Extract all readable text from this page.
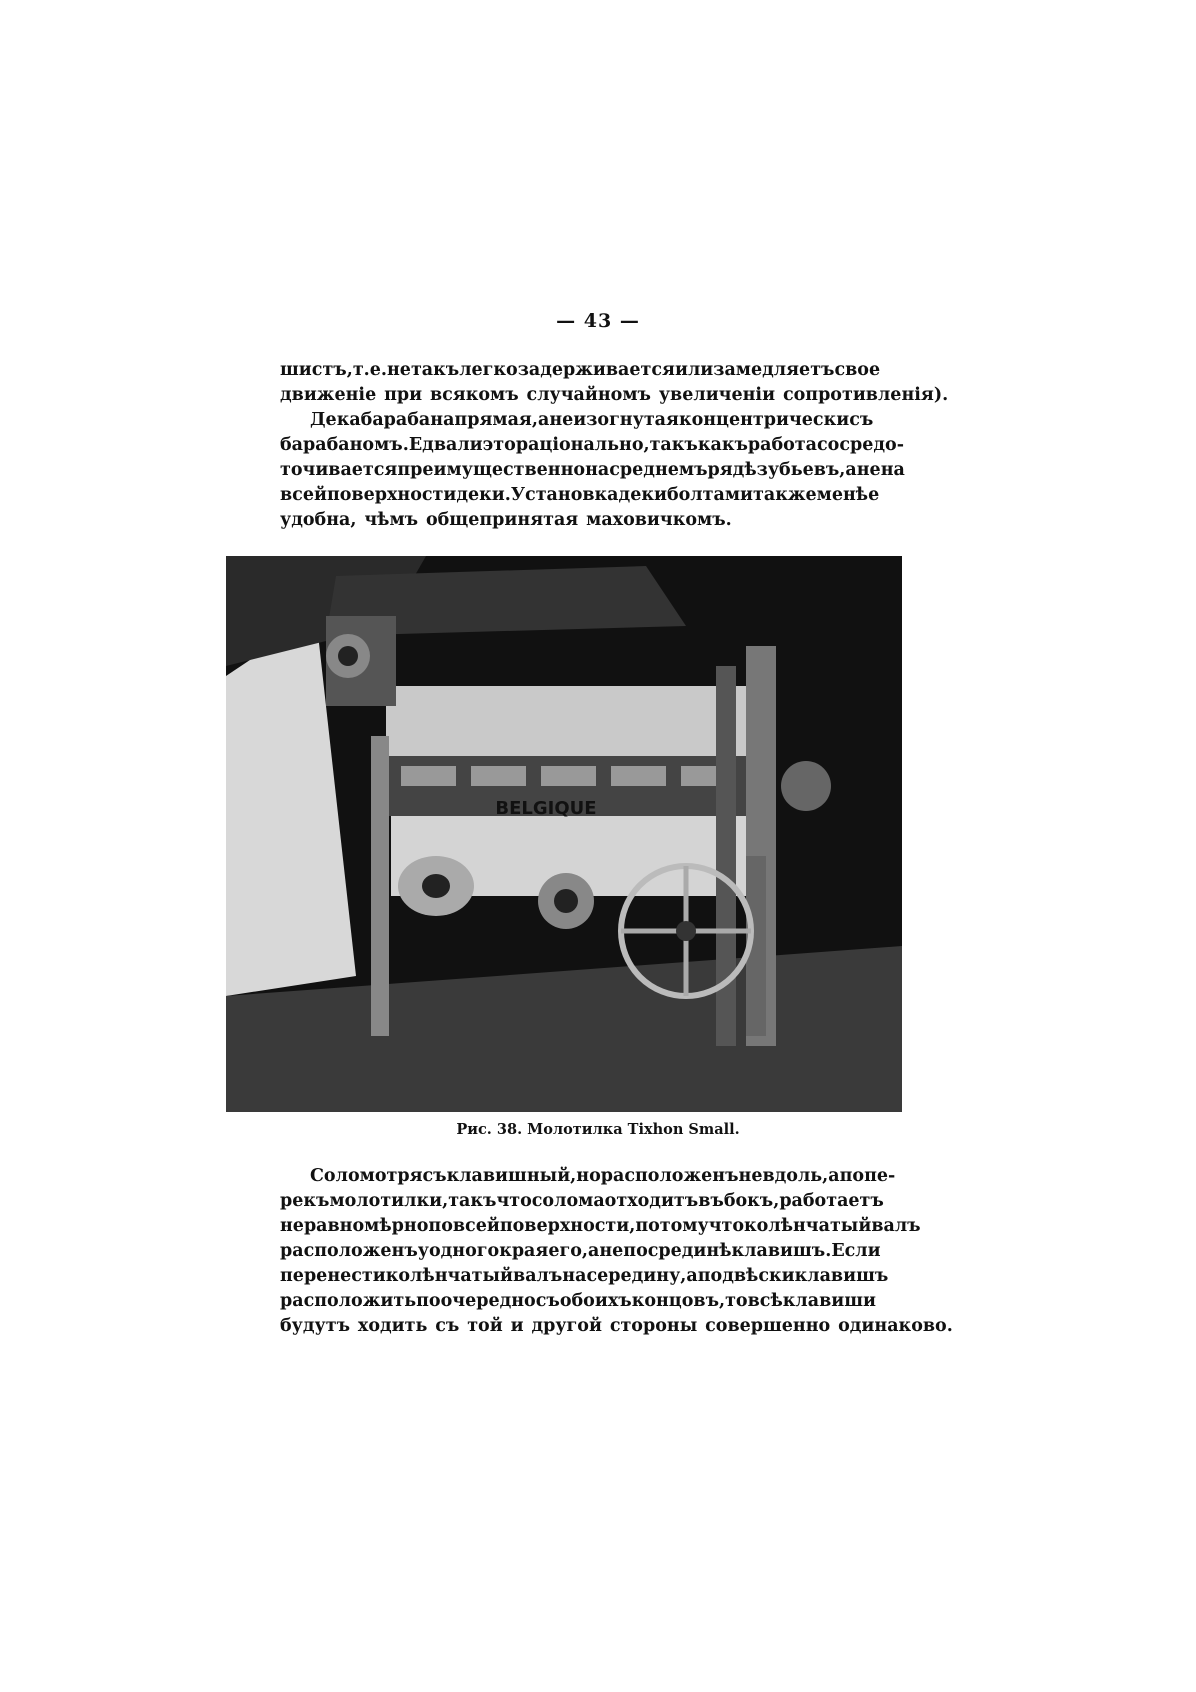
— 43 —
шистъ, т. е. не такъ легко задерживается или замедляетъ свое
движеніе при всякомъ случайномъ увеличеніи сопротивленія).
Дека барабана прямая, а не изогнутая концентрически съ
барабаномъ. Едва ли это раціонально, такъ какъ работа сосредо-
точивается преимущественно на среднемъ рядѣ зубьевъ, а не на
всей поверхности деки. Установка деки болтами также менѣе
удобна, чѣмъ общепринятая маховичкомъ.
BELGIQUE
Рис. 38. Молотилка Tixhon Small.
Соломотрясъ клавишный, но расположенъ не вдоль, а попе-
рекъ молотилки, такъ что солома отходитъ въ бокъ, работаетъ
неравномѣрно по всей поверхности, потому что колѣнчатый валъ
расположенъ у одного края его, а не посрединѣ клавишъ. Если
перенести колѣнчатый валъ на середину, а подвѣски клавишъ
расположить поочередно съ обоихъ концовъ, то всѣ клавиши
будутъ ходить съ той и другой стороны совершенно одинаково.
